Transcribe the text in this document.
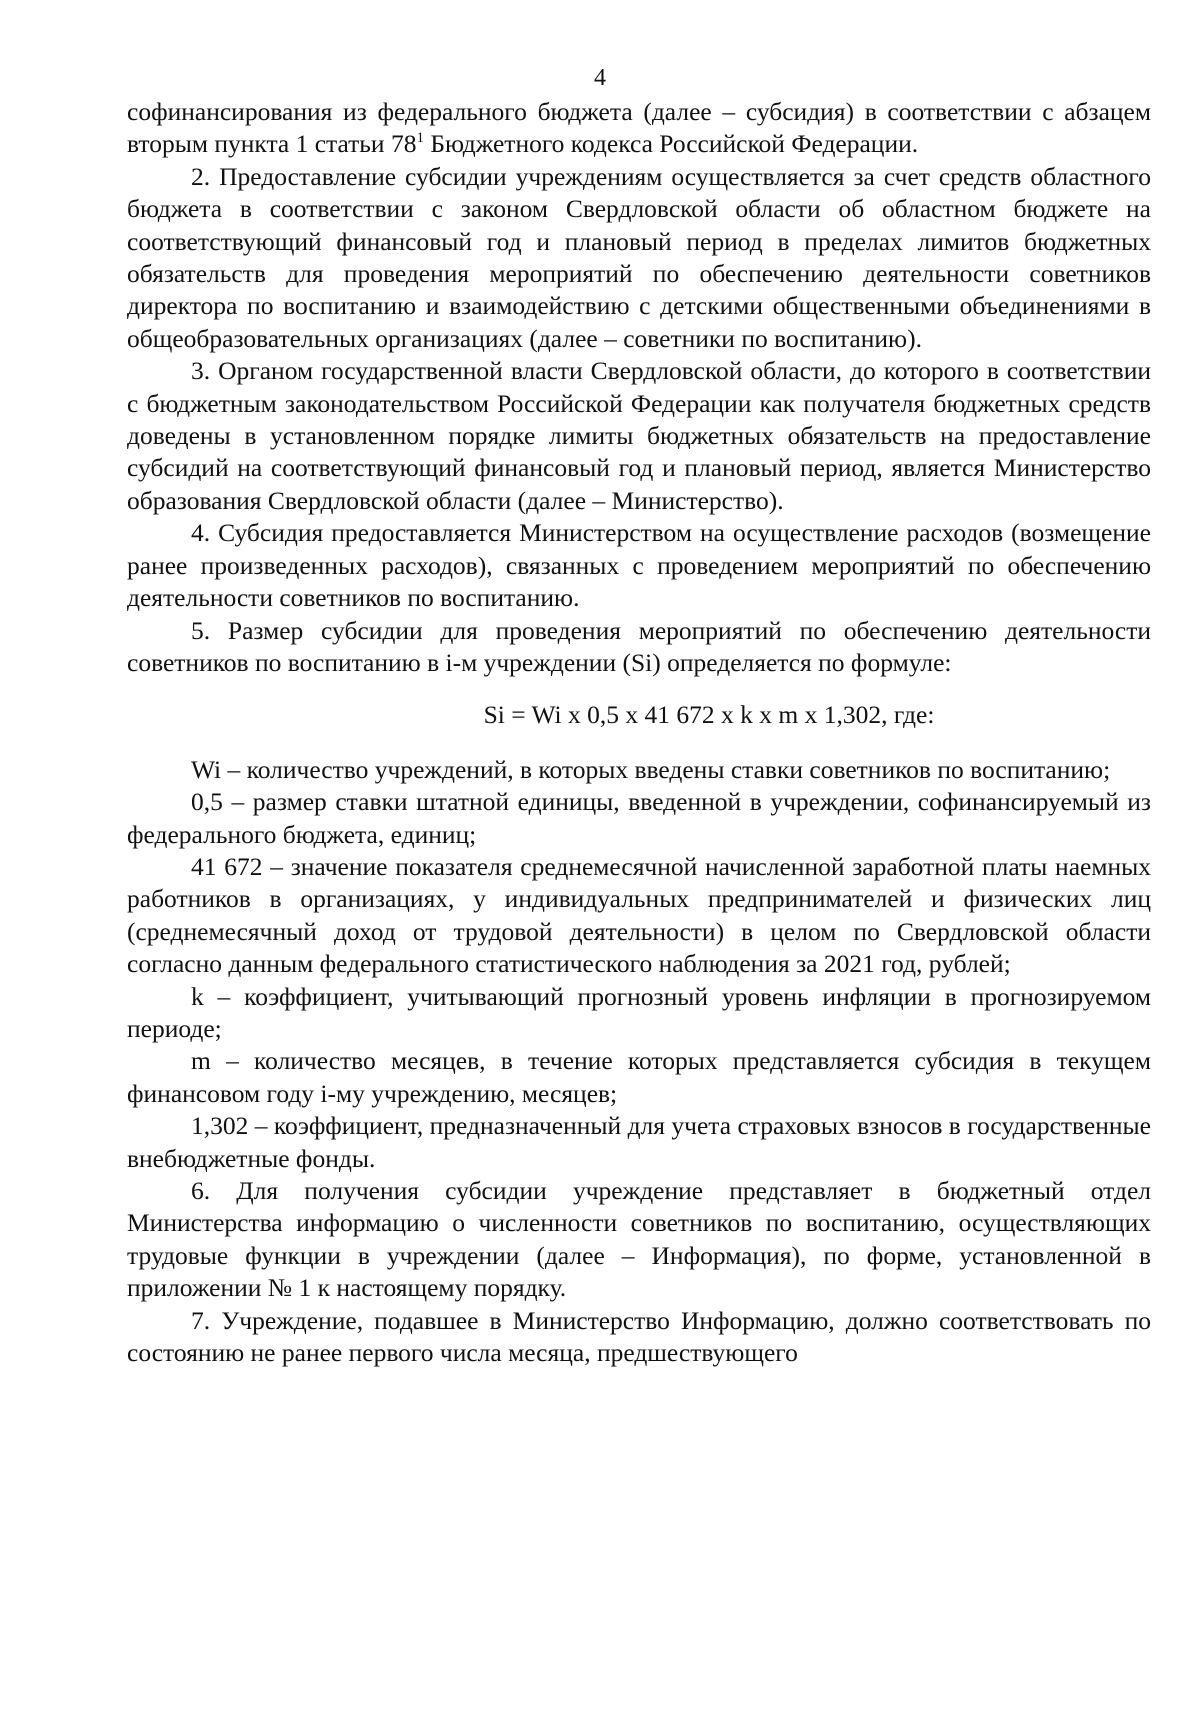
4

софинансирования из федерального бюджета (далее – субсидия) в соответствии с абзацем вторым пункта 1 статьи $78^1$ Бюджетного кодекса Российской Федерации.

2. Предоставление субсидии учреждениям осуществляется за счет средств областного бюджета в соответствии с законом Свердловской области об областном бюджете на соответствующий финансовый год и плановый период в пределах лимитов бюджетных обязательств для проведения мероприятий по обеспечению деятельности советников директора по воспитанию и взаимодействию с детскими общественными объединениями в общеобразовательных организациях (далее – советники по воспитанию).

3. Органом государственной власти Свердловской области, до которого в соответствии с бюджетным законодательством Российской Федерации как получателя бюджетных средств доведены в установленном порядке лимиты бюджетных обязательств на предоставление субсидий на соответствующий финансовый год и плановый период, является Министерство образования Свердловской области (далее – Министерство).

4. Субсидия предоставляется Министерством на осуществление расходов (возмещение ранее произведенных расходов), связанных с проведением мероприятий по обеспечению деятельности советников по воспитанию.

5. Размер субсидии для проведения мероприятий по обеспечению деятельности советников по воспитанию в i-м учреждении (Si) определяется по формуле:

Si = Wi x 0,5 x 41 672 x k x m x 1,302, где:

Wi – количество учреждений, в которых введены ставки советников по воспитанию;

0,5 – размер ставки штатной единицы, введенной в учреждении, софинансируемый из федерального бюджета, единиц;

41 672 – значение показателя среднемесячной начисленной заработной платы наемных работников в организациях, у индивидуальных предпринимателей и физических лиц (среднемесячный доход от трудовой деятельности) в целом по Свердловской области согласно данным федерального статистического наблюдения за 2021 год, рублей;

k – коэффициент, учитывающий прогнозный уровень инфляции в прогнозируемом периоде;

m – количество месяцев, в течение которых представляется субсидия в текущем финансовом году i-му учреждению, месяцев;

1,302 – коэффициент, предназначенный для учета страховых взносов в государственные внебюджетные фонды.

6. Для получения субсидии учреждение представляет в бюджетный отдел Министерства информацию о численности советников по воспитанию, осуществляющих трудовые функции в учреждении (далее – Информация), по форме, установленной в приложении № 1 к настоящему порядку.

7. Учреждение, подавшее в Министерство Информацию, должно соответствовать по состоянию не ранее первого числа месяца, предшествующего
